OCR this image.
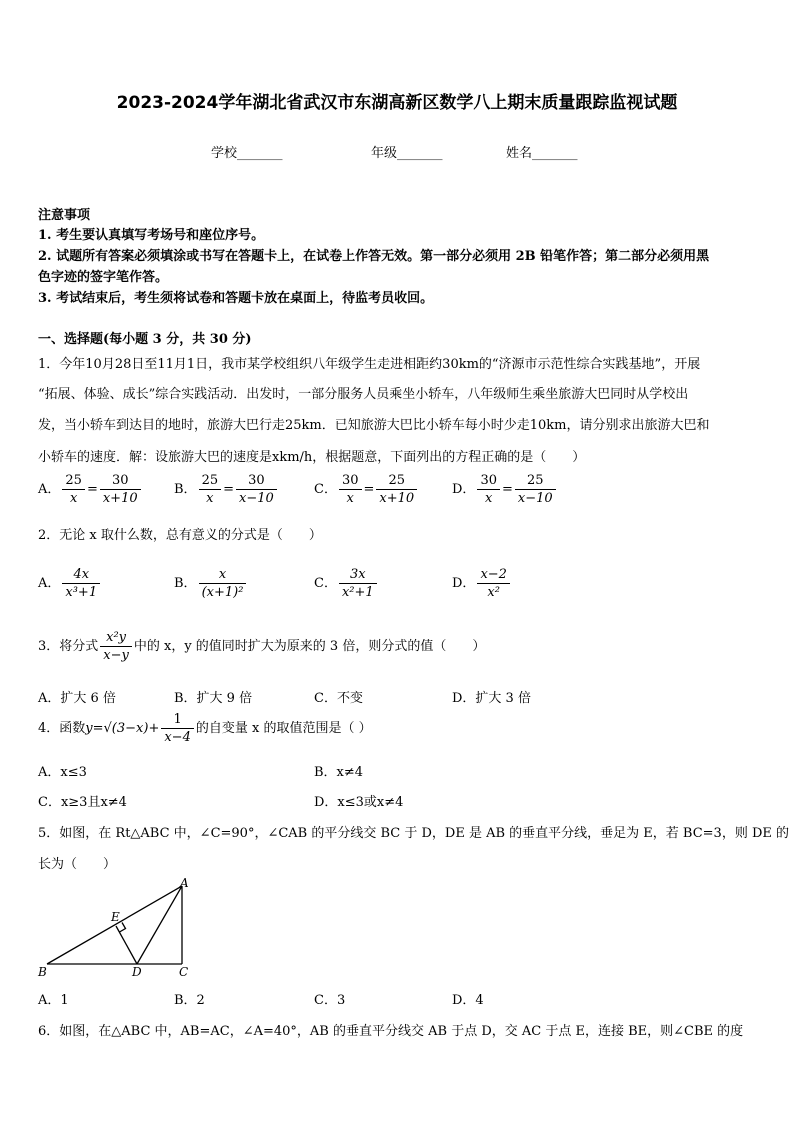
2023-2024学年湖北省武汉市东湖高新区数学八上期末质量跟踪监视试题
学校_______	年级_______	姓名_______
注意事项
1. 考生要认真填写考场号和座位序号。
2. 试题所有答案必须填涂或书写在答题卡上，在试卷上作答无效。第一部分必须用 2B 铅笔作答；第二部分必须用黑
色字迹的签字笔作答。
3. 考试结束后，考生须将试卷和答题卡放在桌面上，待监考员收回。
一、选择题(每小题 3 分，共 30 分)
1．今年10月28日至11月1日，我市某学校组织八年级学生走进相距约30km的“济源市示范性综合实践基地”，开展
“拓展、体验、成长”综合实践活动．出发时，一部分服务人员乘坐小轿车，八年级师生乘坐旅游大巴同时从学校出
发，当小轿车到达目的地时，旅游大巴行走25km．已知旅游大巴比小轿车每小时少走10km，请分别求出旅游大巴和
小轿车的速度．解：设旅游大巴的速度是xkm/h，根据题意，下面列出的方程正确的是（　　）
A． $\frac{25}{x} = \frac{30}{x+10}$	B． $\frac{25}{x} = \frac{30}{x-10}$	C． $\frac{30}{x} = \frac{25}{x+10}$	D． $\frac{30}{x} = \frac{25}{x-10}$
2．无论 x 取什么数，总有意义的分式是（　　）
A． $\frac{4x}{\text{x³+1}}$	B． $\frac{x}{\text{(x+1)²}}$	C． $\frac{3x}{\text{x²+1}}$	D． $\frac{x-2}{\text{x²}}$
3．将分式 $\frac{\text{x²y}}{x-y}$ 中的 x，y 的值同时扩大为原来的 3 倍，则分式的值（　　）
A．扩大 6 倍	B．扩大 9 倍	C．不变	D．扩大 3 倍
4．函数$y=√(3-x)+ \frac{1}{x-4}$ 的自变量 x 的取值范围是（ ）
A．x≤3	B．x≠4
C．x≥3且x≠4	D．x≤3或x≠4
5．如图，在 Rt△ABC 中，∠C=90°，∠CAB 的平分线交 BC 于 D，DE 是 AB 的垂直平分线，垂足为 E，若 BC=3，则 DE 的
长为（　　）
A
B	C
D
E
A．1	B．2	C．3	D．4
6．如图，在△ABC 中，AB=AC，∠A=40°，AB 的垂直平分线交 AB 于点 D，交 AC 于点 E，连接 BE，则∠CBE 的度
